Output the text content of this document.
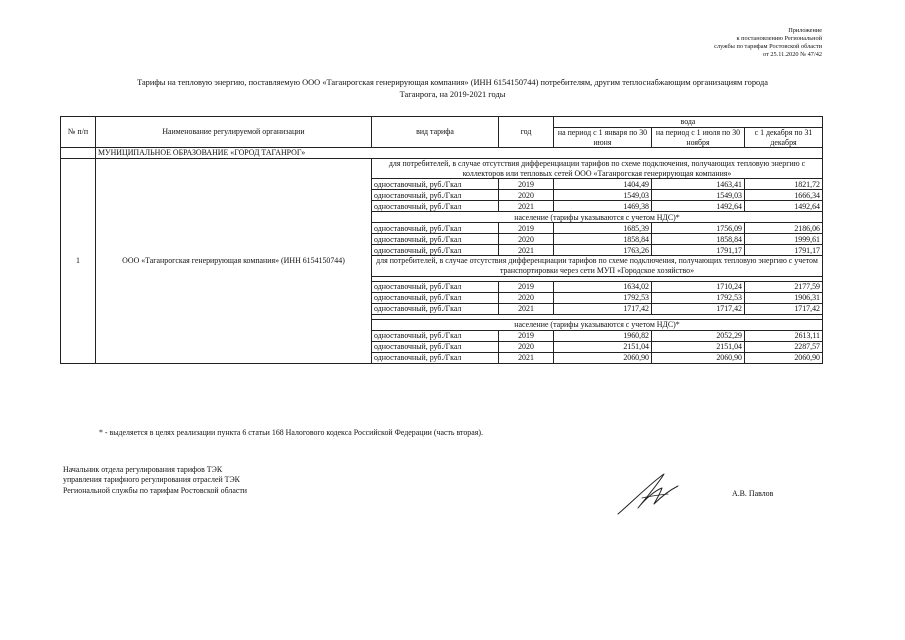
Приложение
к постановлению Региональной
службы по тарифам Ростовской области
от 25.11.2020 № 47/42
Тарифы на тепловую энергию, поставляемую ООО «Таганрогская генерирующая компания» (ИНН 6154150744) потребителям, другим теплоснабжающим организациям города
Таганрога, на 2019-2021 годы
№ п/п	Наименование регулируемой организации	вид тарифа	год	вода		
				на период с 1 января по 30 июня	на период с 1 июля по 30 ноября	с 1 декабря по 31 декабря
	МУНИЦИПАЛЬНОЕ ОБРАЗОВАНИЕ «ГОРОД ТАГАНРОГ»					
1	ООО «Таганрогская генерирующая компания» (ИНН 6154150744)	для потребителей, в случае отсутствия дифференциации тарифов по схеме подключения, получающих тепловую энергию с коллекторов или тепловых сетей ООО «Таганрогская генерирующая компания»				
		одноставочный, руб./Гкал	2019	1404,49	1463,41	1821,72
		одноставочный, руб./Гкал	2020	1549,03	1549,03	1666,34
		одноставочный, руб./Гкал	2021	1469,38	1492,64	1492,64
		население (тарифы указываются с учетом НДС)*				
		одноставочный, руб./Гкал	2019	1685,39	1756,09	2186,06
		одноставочный, руб./Гкал	2020	1858,84	1858,84	1999,61
		одноставочный, руб./Гкал	2021	1763,26	1791,17	1791,17
		для потребителей, в случае отсутствия дифференциации тарифов по схеме подключения, получающих тепловую энергию с учетом транспортировки через сети МУП «Городское хозяйство»				

		одноставочный, руб./Гкал	2019	1634,02	1710,24	2177,59
		одноставочный, руб./Гкал	2020	1792,53	1792,53	1906,31
		одноставочный, руб./Гкал	2021	1717,42	1717,42	1717,42

		население (тарифы указываются с учетом НДС)*				
		одноставочный, руб./Гкал	2019	1960,82	2052,29	2613,11
		одноставочный, руб./Гкал	2020	2151,04	2151,04	2287,57
		одноставочный, руб./Гкал	2021	2060,90	2060,90	2060,90
* - выделяется в целях реализации пункта 6 статьи 168 Налогового кодекса Российской Федерации (часть вторая).
Начальник отдела регулирования тарифов ТЭК
управления тарифного регулирования отраслей ТЭК
Региональной службы по тарифам Ростовской области	А.В. Павлов
